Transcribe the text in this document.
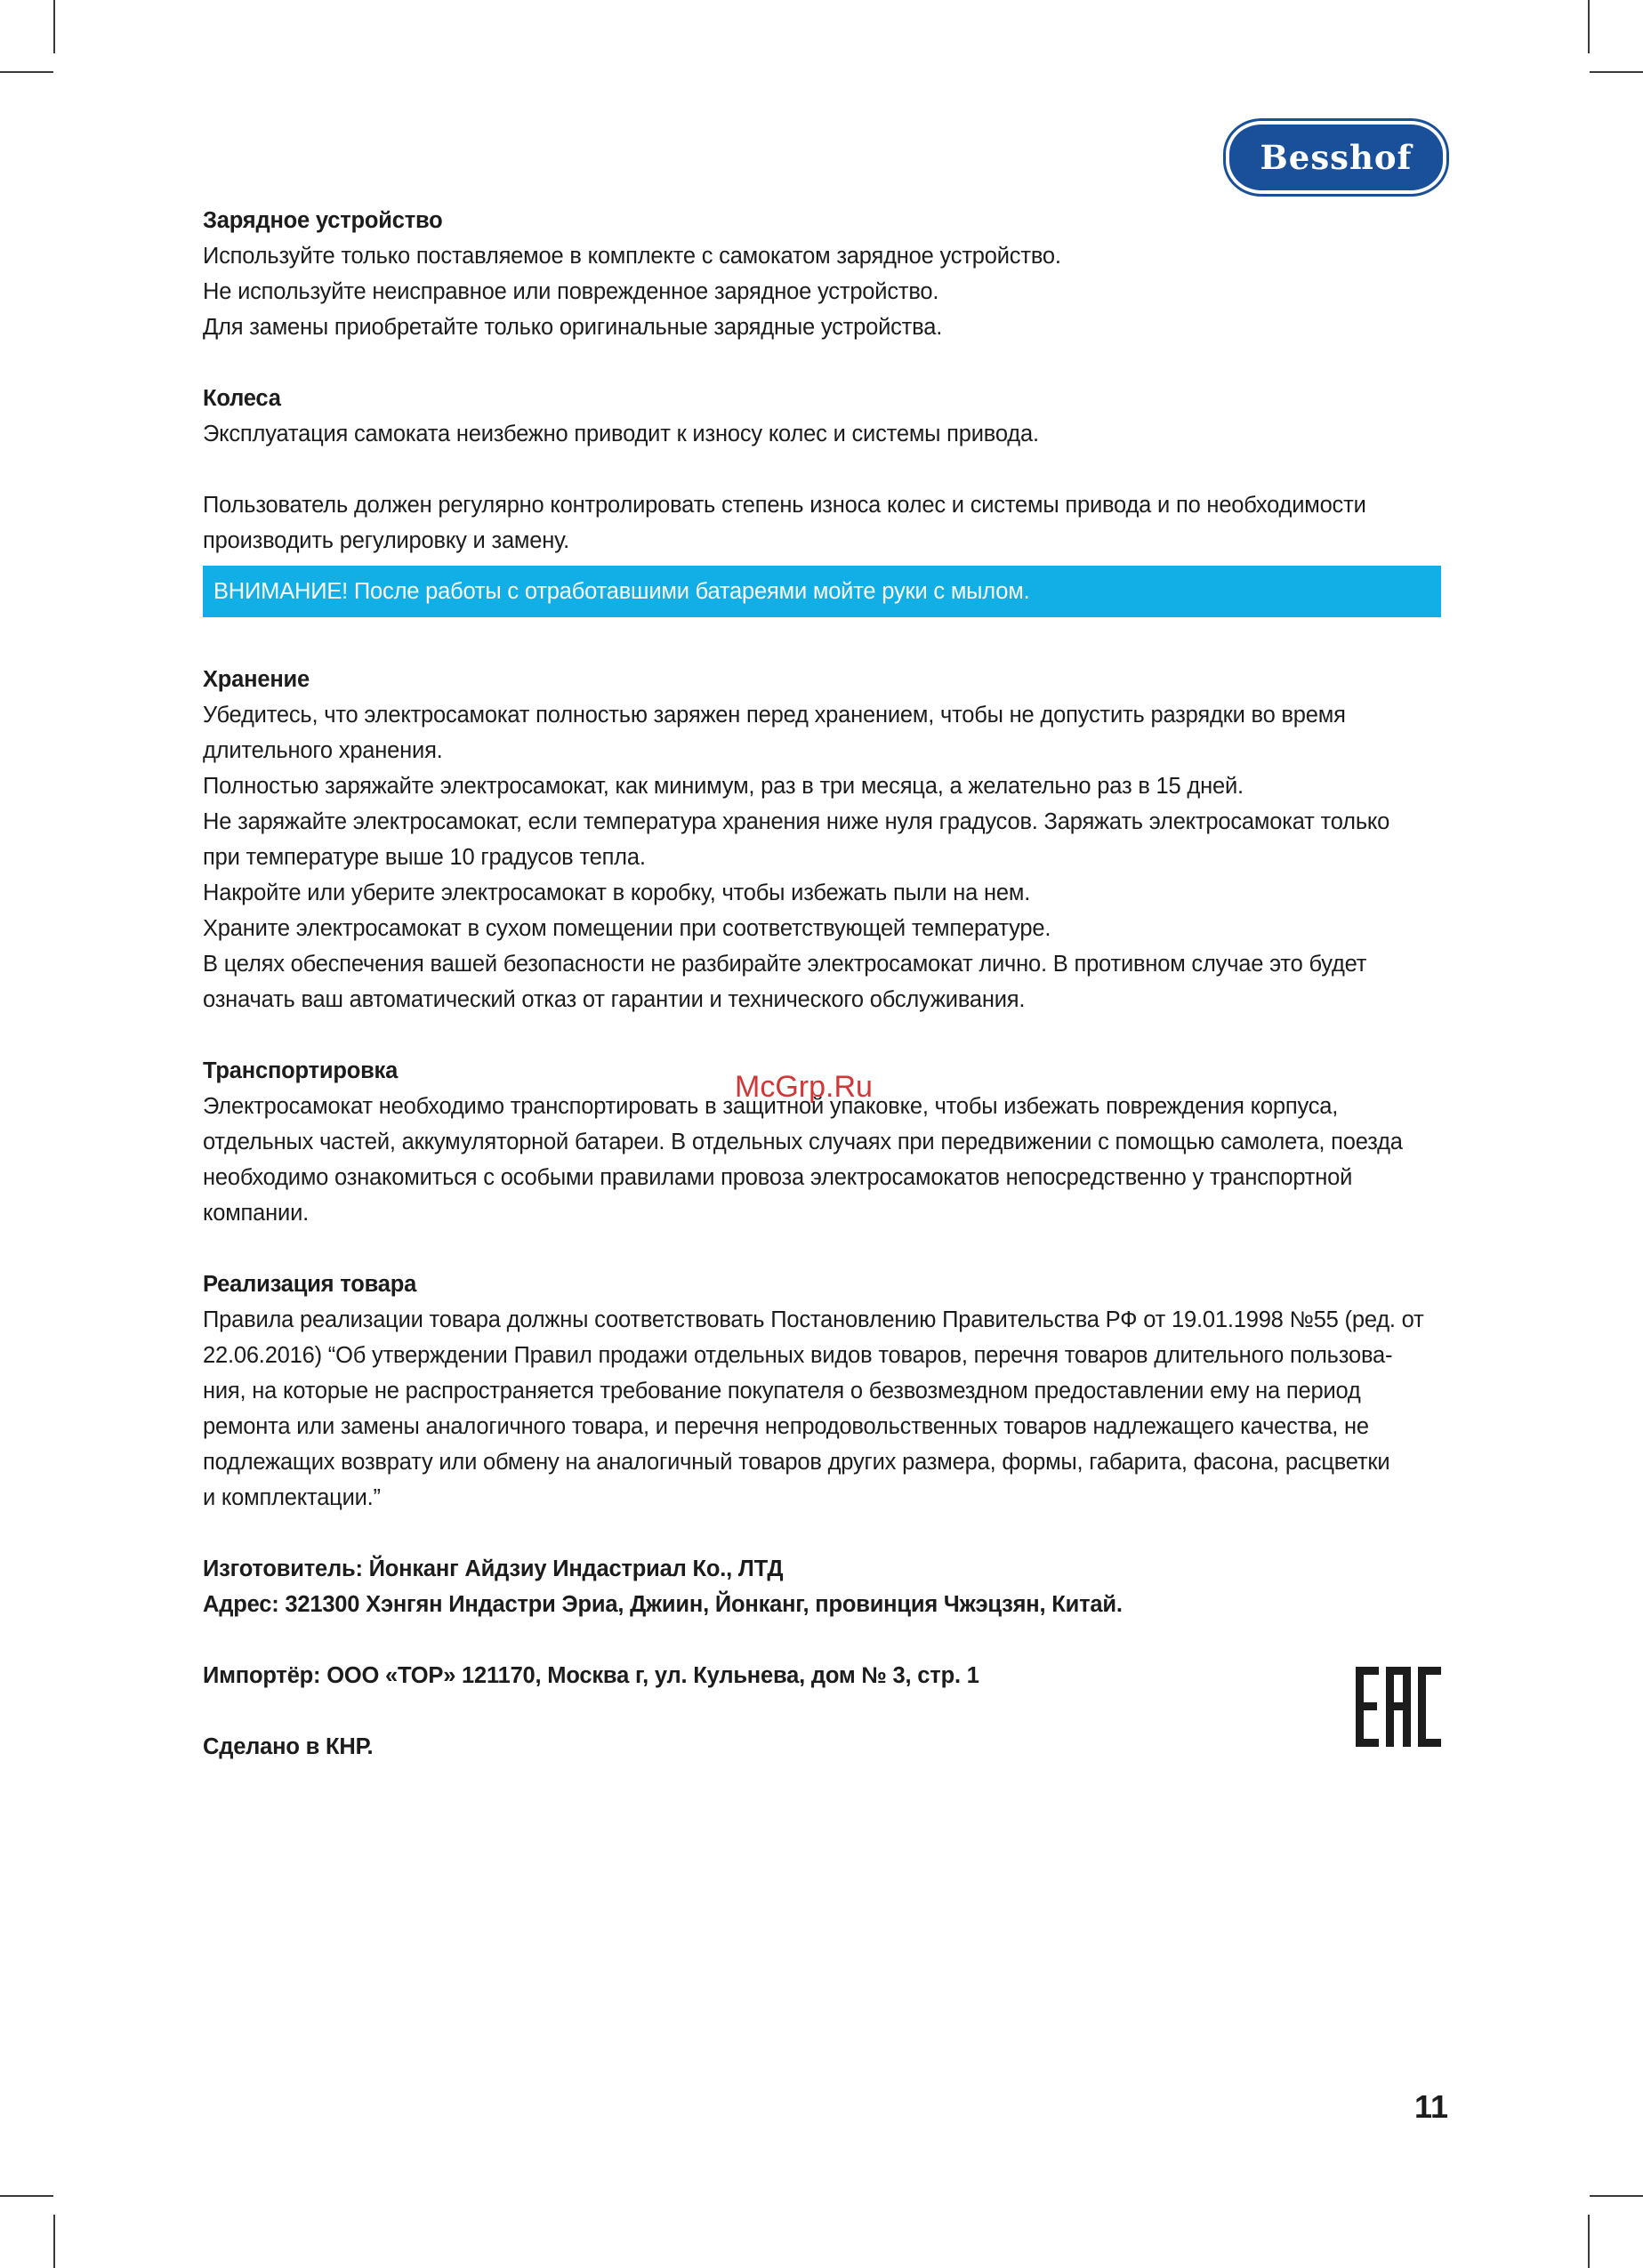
Besshof

Зарядное устройство

Используйте только поставляемое в комплекте с самокатом зарядное устройство.

Не используйте неисправное или поврежденное зарядное устройство.

Для замены приобретайте только оригинальные зарядные устройства.

Колеса

Эксплуатация самоката неизбежно приводит к износу колес и системы привода.

Пользователь должен регулярно контролировать степень износа колес и системы привода и по необходимости

производить регулировку и замену.

ВНИМАНИЕ! После работы с отработавшими батареями мойте руки с мылом.

Хранение

Убедитесь, что электросамокат полностью заряжен перед хранением, чтобы не допустить разрядки во время

длительного хранения.

Полностью заряжайте электросамокат, как минимум, раз в три месяца, а желательно раз в 15 дней.

Не заряжайте электросамокат, если температура хранения ниже нуля градусов. Заряжать электросамокат только

при температуре выше 10 градусов тепла.

Накройте или уберите электросамокат в коробку, чтобы избежать пыли на нем.

Храните электросамокат в сухом помещении при соответствующей температуре.

В целях обеспечения вашей безопасности не разбирайте электросамокат лично. В противном случае это будет

означать ваш автоматический отказ от гарантии и технического обслуживания.

Транспортировка

Электросамокат необходимо транспортировать в защитной упаковке, чтобы избежать повреждения корпуса,

отдельных частей, аккумуляторной батареи. В отдельных случаях при передвижении с помощью самолета, поезда

необходимо ознакомиться с особыми правилами провоза электросамокатов непосредственно у транспортной

компании.

Реализация товара

Правила реализации товара должны соответствовать Постановлению Правительства РФ от 19.01.1998 №55 (ред. от

22.06.2016) “Об утверждении Правил продажи отдельных видов товаров, перечня товаров длительного пользова-

ния, на которые не распространяется требование покупателя о безвозмездном предоставлении ему на период

ремонта или замены аналогичного товара, и перечня непродовольственных товаров надлежащего качества, не

подлежащих возврату или обмену на аналогичный товаров других размера, формы, габарита, фасона, расцветки

и комплектации.”

Изготовитель: Йонканг Айдзиу Индастриал Ко., ЛТД

Адрес: 321300 Хэнгян Индастри Эриа, Джиин, Йонканг, провинция Чжэцзян, Китай.

Импортёр: ООО «ТОР» 121170, Москва г, ул. Кульнева, дом № 3, стр. 1

Сделано в КНР.

McGrp.Ru
11
